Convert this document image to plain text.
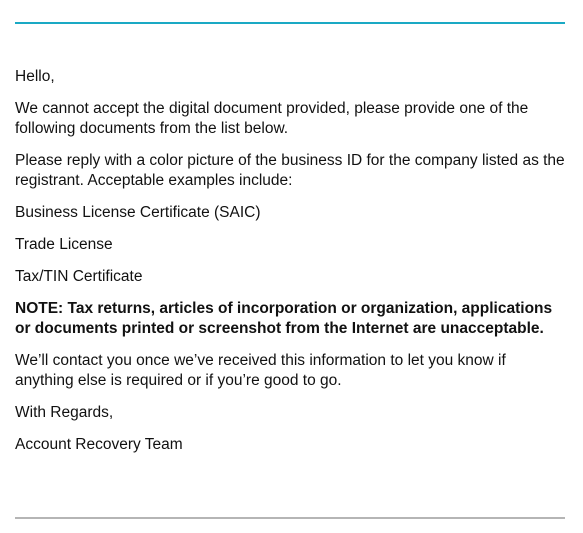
Hello,

We cannot accept the digital document provided, please provide one of the following documents from the list below.

Please reply with a color picture of the business ID for the company listed as the registrant. Acceptable examples include:

Business License Certificate (SAIC)

Trade License

Tax/TIN Certificate

NOTE: Tax returns, articles of incorporation or organization, applications or documents printed or screenshot from the Internet are unacceptable.

We’ll contact you once we’ve received this information to let you know if anything else is required or if you’re good to go.

With Regards,

Account Recovery Team
